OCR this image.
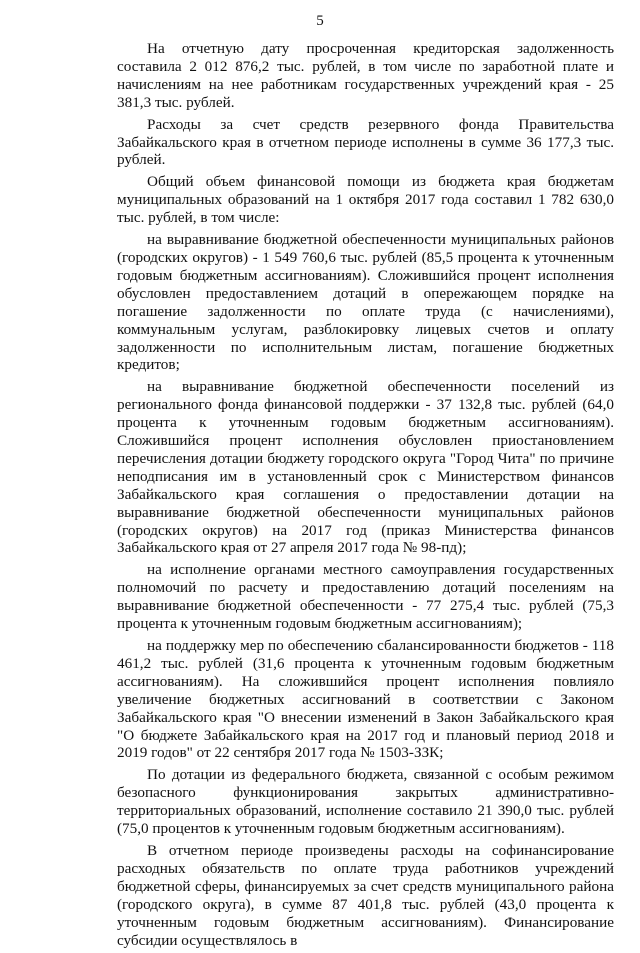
5

На отчетную дату просроченная кредиторская задолженность составила 2 012 876,2 тыс. рублей, в том числе по заработной плате и начислениям на нее работникам государственных учреждений края - 25 381,3 тыс. рублей.

Расходы за счет средств резервного фонда Правительства Забайкальского края в отчетном периоде исполнены в сумме 36 177,3 тыс. рублей.

Общий объем финансовой помощи из бюджета края бюджетам муниципальных образований на 1 октября 2017 года составил 1 782 630,0 тыс. рублей, в том числе:

на выравнивание бюджетной обеспеченности муниципальных районов (городских округов) - 1 549 760,6 тыс. рублей (85,5 процента к уточненным годовым бюджетным ассигнованиям). Сложившийся процент исполнения обусловлен предоставлением дотаций в опережающем порядке на погашение задолженности по оплате труда (с начислениями), коммунальным услугам, разблокировку лицевых счетов и оплату задолженности по исполнительным листам, погашение бюджетных кредитов;

на выравнивание бюджетной обеспеченности поселений из регионального фонда финансовой поддержки - 37 132,8 тыс. рублей (64,0 процента к уточненным годовым бюджетным ассигнованиям). Сложившийся процент исполнения обусловлен приостановлением перечисления дотации бюджету городского округа "Город Чита" по причине неподписания им в установленный срок с Министерством финансов Забайкальского края соглашения о предоставлении дотации на выравнивание бюджетной обеспеченности муниципальных районов (городских округов) на 2017 год (приказ Министерства финансов Забайкальского края от 27 апреля 2017 года № 98-пд);

на исполнение органами местного самоуправления государственных полномочий по расчету и предоставлению дотаций поселениям на выравнивание бюджетной обеспеченности - 77 275,4 тыс. рублей (75,3 процента к уточненным годовым бюджетным ассигнованиям);

на поддержку мер по обеспечению сбалансированности бюджетов - 118 461,2 тыс. рублей (31,6 процента к уточненным годовым бюджетным ассигнованиям). На сложившийся процент исполнения повлияло увеличение бюджетных ассигнований в соответствии с Законом Забайкальского края "О внесении изменений в Закон Забайкальского края "О бюджете Забайкальского края на 2017 год и плановый период 2018 и 2019 годов" от 22 сентября 2017 года № 1503-ЗЗК;

По дотации из федерального бюджета, связанной с особым режимом безопасного функционирования закрытых административно-территориальных образований, исполнение составило 21 390,0 тыс. рублей (75,0 процентов к уточненным годовым бюджетным ассигнованиям).

В отчетном периоде произведены расходы на софинансирование расходных обязательств по оплате труда работников учреждений бюджетной сферы, финансируемых за счет средств муниципального района (городского округа), в сумме 87 401,8 тыс. рублей (43,0 процента к уточненным годовым бюджетным ассигнованиям). Финансирование субсидии осуществлялось в
